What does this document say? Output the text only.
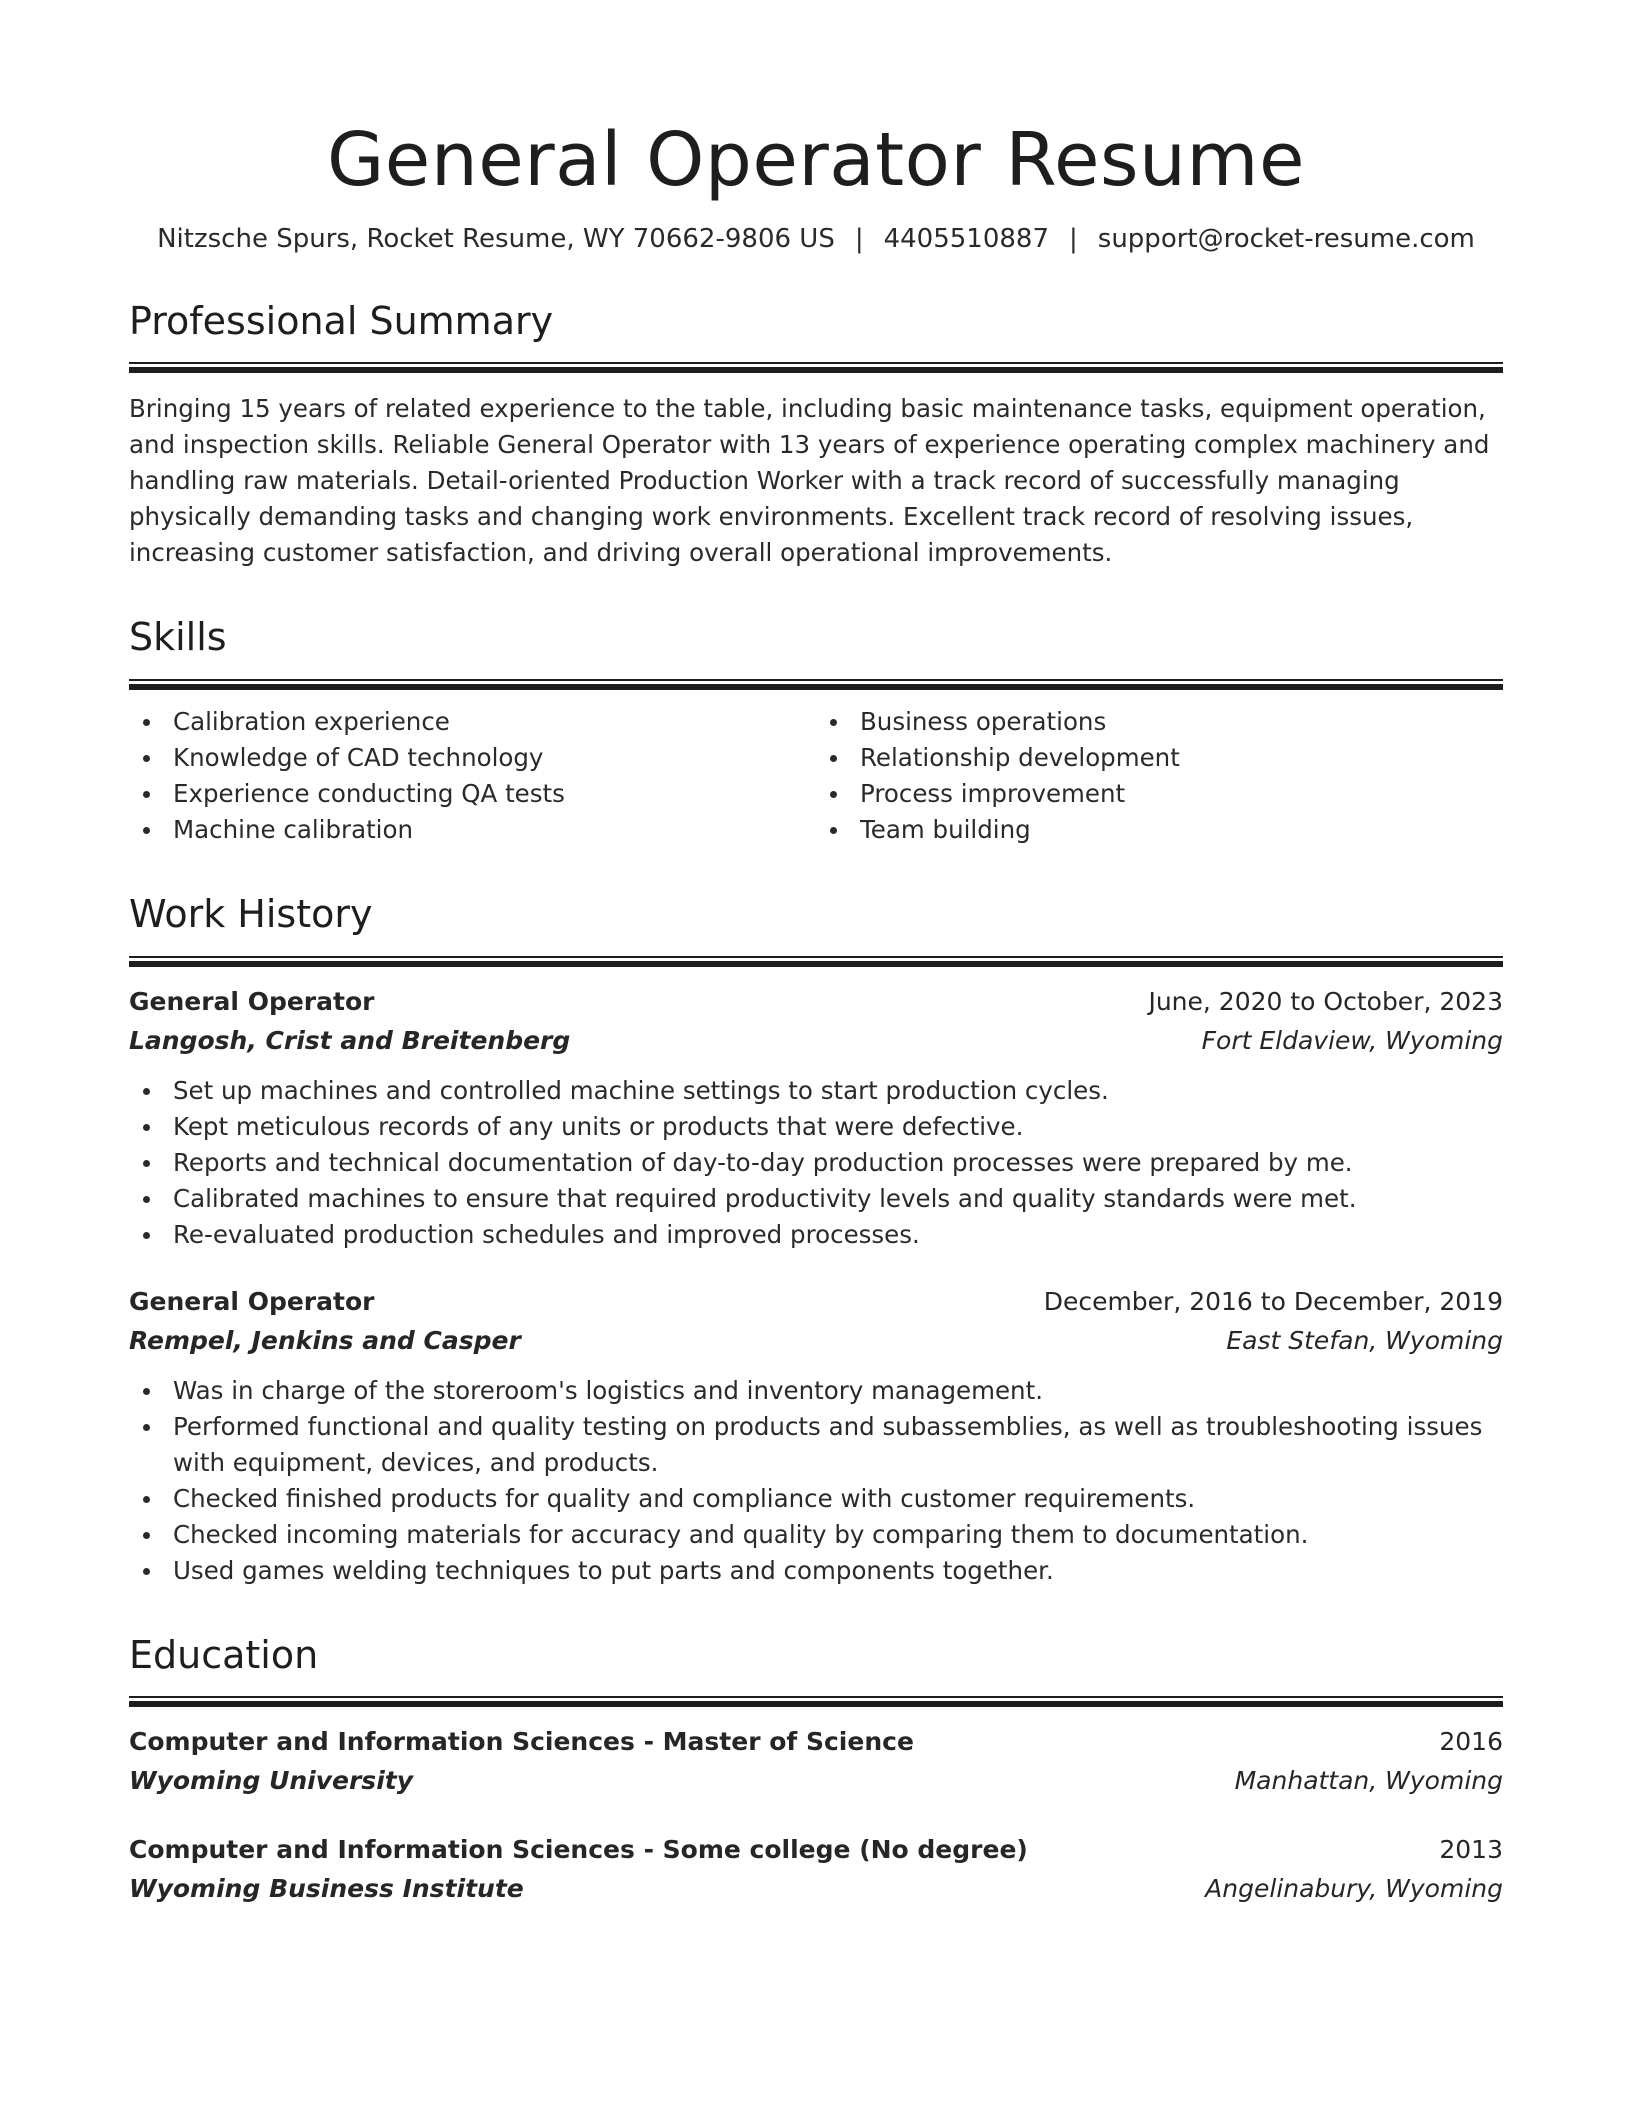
General Operator Resume
Nitzsche Spurs, Rocket Resume, WY 70662-9806 US | 4405510887 | support@rocket-resume.com
Professional Summary

Bringing 15 years of related experience to the table, including basic maintenance tasks, equipment operation, and inspection skills. Reliable General Operator with 13 years of experience operating complex machinery and handling raw materials. Detail-oriented Production Worker with a track record of successfully managing physically demanding tasks and changing work environments. Excellent track record of resolving issues, increasing customer satisfaction, and driving overall operational improvements.

Skills
Calibration experience
Knowledge of CAD technology
Experience conducting QA tests
Machine calibration
Business operations
Relationship development
Process improvement
Team building
Work History
General Operator	June, 2020 to October, 2023
Langosh, Crist and Breitenberg	Fort Eldaview, Wyoming
Set up machines and controlled machine settings to start production cycles.
Kept meticulous records of any units or products that were defective.
Reports and technical documentation of day-to-day production processes were prepared by me.
Calibrated machines to ensure that required productivity levels and quality standards were met.
Re-evaluated production schedules and improved processes.
General Operator	December, 2016 to December, 2019
Rempel, Jenkins and Casper	East Stefan, Wyoming
Was in charge of the storeroom's logistics and inventory management.
Performed functional and quality testing on products and subassemblies, as well as troubleshooting issues with equipment, devices, and products.
Checked finished products for quality and compliance with customer requirements.
Checked incoming materials for accuracy and quality by comparing them to documentation.
Used games welding techniques to put parts and components together.
Education
Computer and Information Sciences - Master of Science	2016
Wyoming University	Manhattan, Wyoming
Computer and Information Sciences - Some college (No degree)	2013
Wyoming Business Institute	Angelinabury, Wyoming
